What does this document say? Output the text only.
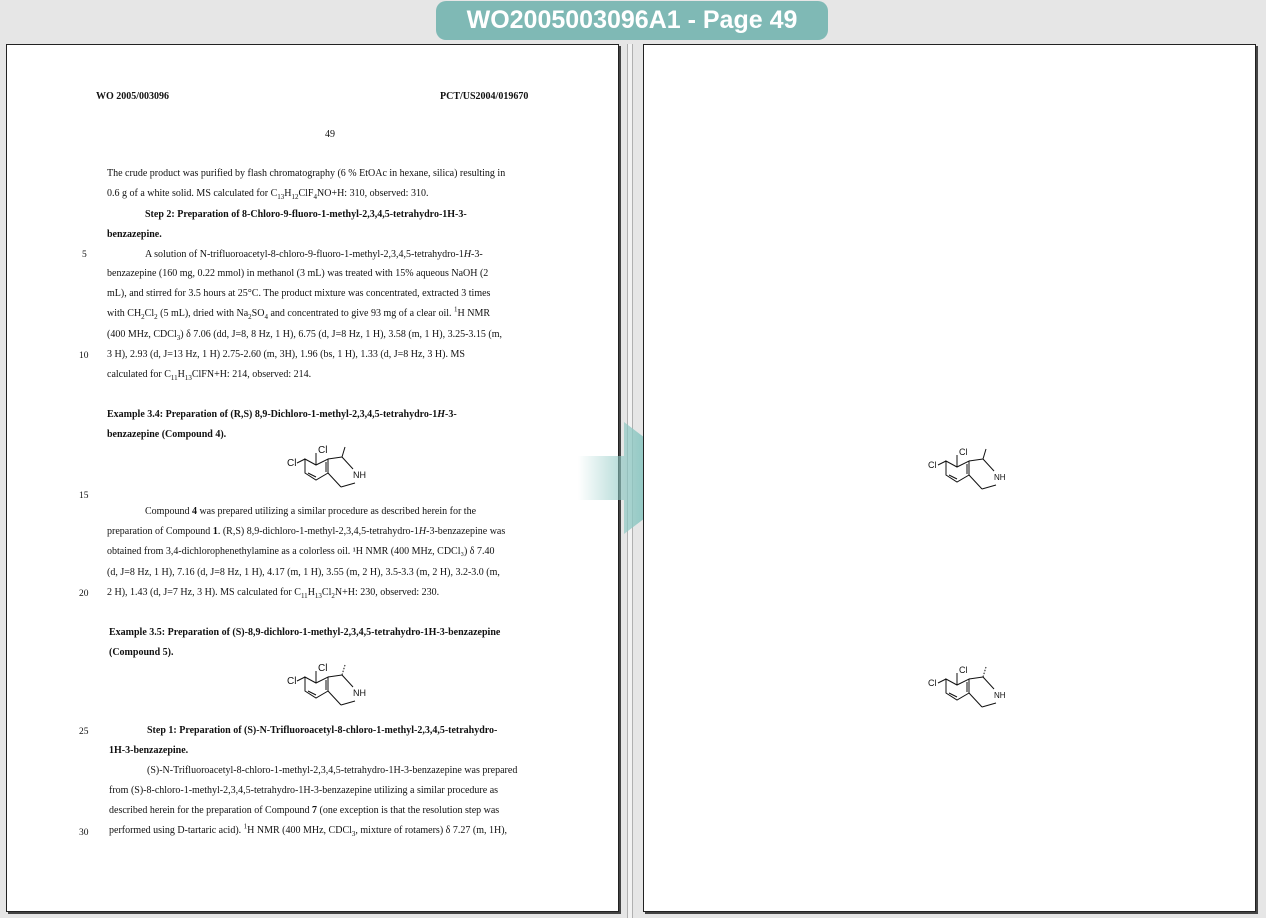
WO2005003096A1 - Page 49
WO 2005/003096	PCT/US2004/019670
49
5
10
15
20
25
30
The crude product was purified by flash chromatography (6 % EtOAc in hexane, silica) resulting in
0.6 g of a white solid. MS calculated for $C_{13}H_{12}ClF_4NO+H$: 310, observed: 310.
Step 2: Preparation of 8-Chloro-9-fluoro-1-methyl-2,3,4,5-tetrahydro-1H-3-
benzazepine.
A solution of N-trifluoroacetyl-8-chloro-9-fluoro-1-methyl-2,3,4,5-tetrahydro-1H-3-
benzazepine (160 mg, 0.22 mmol) in methanol (3 mL) was treated with 15% aqueous NaOH (2
mL), and stirred for 3.5 hours at 25°C. The product mixture was concentrated, extracted 3 times
with $CH_2Cl_2$ (5 mL), dried with $Na_2SO_4$ and concentrated to give 93 mg of a clear oil. $^1$H NMR
(400 MHz, CDCl$_3$) δ 7.06 (dd, J=8, 8 Hz, 1 H), 6.75 (d, J=8 Hz, 1 H), 3.58 (m, 1 H), 3.25-3.15 (m,
3 H), 2.93 (d, J=13 Hz, 1 H) 2.75-2.60 (m, 3H), 1.96 (bs, 1 H), 1.33 (d, J=8 Hz, 3 H). MS
calculated for $C_{11}H_{13}ClFN+H$: 214, observed: 214.
Example 3.4: Preparation of (R,S) 8,9-Dichloro-1-methyl-2,3,4,5-tetrahydro-1H-3-
benzazepine (Compound 4).
Cl
Cl
NH
Compound 4 was prepared utilizing a similar procedure as described herein for the
preparation of Compound 1. (R,S) 8,9-dichloro-1-methyl-2,3,4,5-tetrahydro-1H-3-benzazepine was
obtained from 3,4-dichlorophenethylamine as a colorless oil. ¹H NMR (400 MHz, CDCl₃) δ 7.40
(d, J=8 Hz, 1 H), 7.16 (d, J=8 Hz, 1 H), 4.17 (m, 1 H), 3.55 (m, 2 H), 3.5-3.3 (m, 2 H), 3.2-3.0 (m,
2 H), 1.43 (d, J=7 Hz, 3 H). MS calculated for $C_{11}H_{13}Cl_2N+H$: 230, observed: 230.
Example 3.5: Preparation of (S)-8,9-dichloro-1-methyl-2,3,4,5-tetrahydro-1H-3-benzazepine
(Compound 5).
Cl
Cl
NH
Step 1: Preparation of (S)-N-Trifluoroacetyl-8-chloro-1-methyl-2,3,4,5-tetrahydro-
1H-3-benzazepine.
(S)-N-Trifluoroacetyl-8-chloro-1-methyl-2,3,4,5-tetrahydro-1H-3-benzazepine was prepared
from (S)-8-chloro-1-methyl-2,3,4,5-tetrahydro-1H-3-benzazepine utilizing a similar procedure as
described herein for the preparation of Compound 7 (one exception is that the resolution step was
performed using D-tartaric acid). $^1$H NMR (400 MHz, CDCl$_3$, mixture of rotamers) δ 7.27 (m, 1H),
Cl
Cl
NH
Cl
Cl
NH
